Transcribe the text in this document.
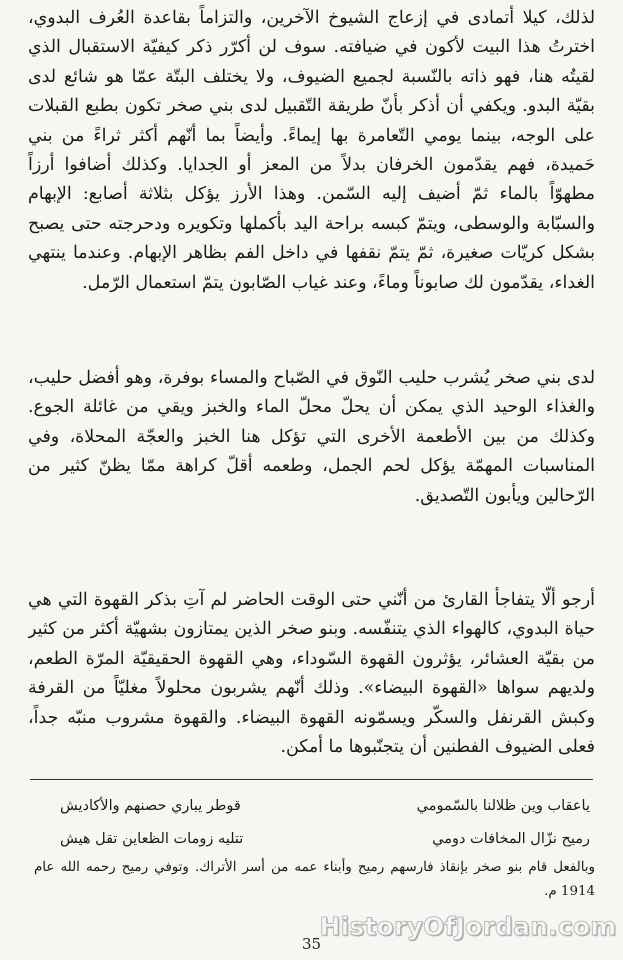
لذلك، كيلا أتمادى في إزعاج الشيوخ الآخرين، والتزاماً بقاعدة العُرف البدوي، اخترتُ هذا البيت لأكون في ضيافته. سوف لن أكرّر ذكر كيفيّة الاستقبال الذي لقيتُه هنا، فهو ذاته بالنّسبة لجميع الضيوف، ولا يختلف البتّة عمّا هو شائع لدى بقيّة البدو. ويكفي أن أذكر بأنّ طريقة التّقبيل لدى بني صخر تكون بطبع القبلات على الوجه، بينما يومي التّعامرة بها إيماءً. وأيضاً بما أنّهم أكثر ثراءً من بني حَميدة، فهم يقدّمون الخرفان بدلاً من المعز أو الجدايا. وكذلك أضافوا أرزاً مطهوّاً بالماء ثمّ أضيف إليه السّمن. وهذا الأرز يؤكل بثلاثة أصابع: الإبهام والسبّابة والوسطى، ويتمّ كبسه براحة اليد بأكملها وتكويره ودحرجته حتى يصبح بشكل كريّات صغيرة، ثمّ يتمّ نقفها في داخل الفم بظاهر الإبهام. وعندما ينتهي الغداء، يقدّمون لك صابوناً وماءً، وعند غياب الصّابون يتمّ استعمال الرّمل.

لدى بني صخر يُشرب حليب النّوق في الصّباح والمساء بوفرة، وهو أفضل حليب، والغذاء الوحيد الذي يمكن أن يحلّ محلّ الماء والخبز ويقي من غائلة الجوع. وكذلك من بين الأطعمة الأخرى التي تؤكل هنا الخبز والعجّة المحلاة، وفي المناسبات المهمّة يؤكل لحم الجمل، وطعمه أقلّ كراهة ممّا يظنّ كثير من الرّحالين ويأبون التّصديق.

أرجو ألّا يتفاجأ القارئ من أنّني حتى الوقت الحاضر لم آتِ بذكر القهوة التي هي حياة البدوي، كالهواء الذي يتنفّسه. وبنو صخر الذين يمتازون بشهيّة أكثر من كثير من بقيّة العشائر، يؤثرون القهوة السّوداء، وهي القهوة الحقيقيّة المرّة الطعم، ولديهم سواها «القهوة البيضاء». وذلك أنّهم يشربون محلولاً مغليّاً من القرفة وكبش القرنفل والسكّر ويسمّونه القهوة البيضاء. والقهوة مشروب منبّه جداً، فعلى الضيوف الفطنين أن يتجنّبوها ما أمكن.

ياعقاب وين ظلالنا بالسّمومي
قوطر يباري حصنهم والأكاديش
رميح نزّال المخافات دومي
تتليه زومات الظعاين تقل هيش
وبالفعل قام بنو صخر بإنقاذ فارسهم رميح وأبناء عمه من أسر الأتراك. وتوفي رميح رحمه الله عام 1914 م.
HistoryOfJordan.com
35
